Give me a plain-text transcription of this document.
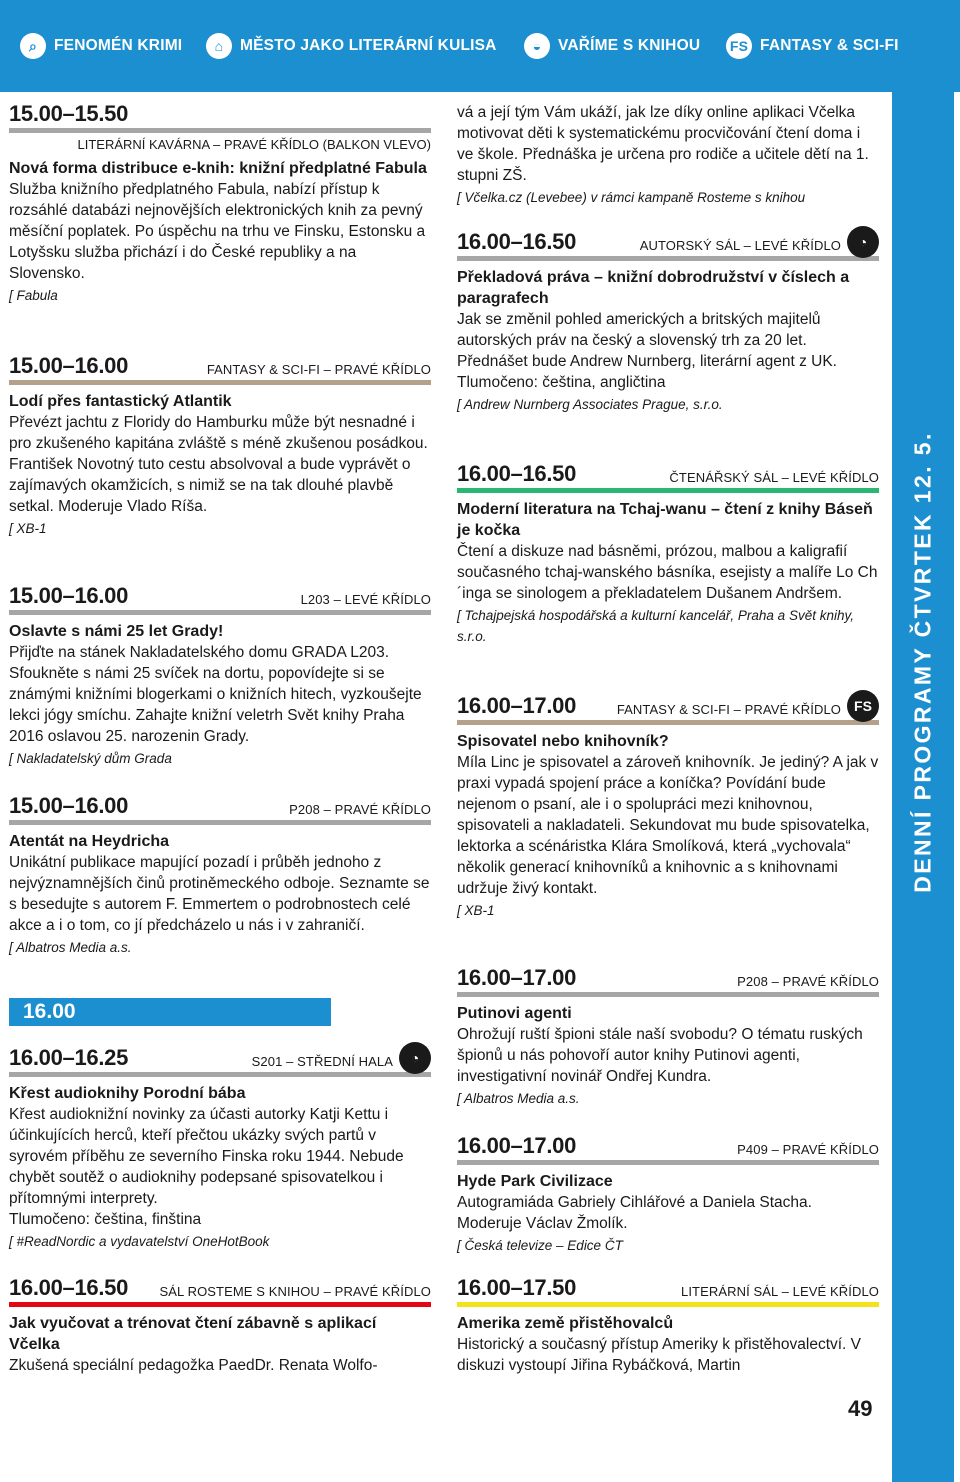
⌕	FENOMÉN KRIMI	⌂	MĚSTO JAKO LITERÁRNÍ KULISA	◒	VAŘÍME S KNIHOU FS FANTASY & SCI-FI
DENNÍ PROGRAMY ČTVRTEK 12. 5.
15.00–15.50
LITERÁRNÍ KAVÁRNA – PRAVÉ KŘÍDLO (BALKON VLEVO)
Nová forma distribuce e-knih: knižní předplatné Fabula
Služba knižního předplatného Fabula, nabízí přístup k rozsáhlé databázi nejnovějších elektronických knih za pevný měsíční poplatek. Po úspěchu na trhu ve Finsku, Estonsku a Lotyšsku služba přichází i do České republiky a na Slovensko.
[ Fabula
15.00–16.00	FANTASY & SCI-FI – PRAVÉ KŘÍDLO
Lodí přes fantastický Atlantik
Převézt jachtu z Floridy do Hamburku může být nesnadné i pro zkušeného kapitána zvláště s méně zkušenou posádkou. František Novotný tuto cestu absolvoval a bude vyprávět o zajímavých okamžicích, s nimiž se na tak dlouhé plavbě setkal. Moderuje Vlado Ríša.
[ XB-1
15.00–16.00	L203 – LEVÉ KŘÍDLO
Oslavte s námi 25 let Grady!
Přijďte na stánek Nakladatelského domu GRADA L203. Sfoukněte s námi 25 svíček na dortu, popovídejte si se známými knižními blogerkami o knižních hitech, vyzkoušejte lekci jógy smíchu. Zahajte knižní veletrh Svět knihy Praha 2016 oslavou 25. narozenin Grady.
[ Nakladatelský dům Grada
15.00–16.00	P208 – PRAVÉ KŘÍDLO
Atentát na Heydricha
Unikátní publikace mapující pozadí i průběh jednoho z nejvýznamnějších činů protiněmeckého odboje. Seznamte se s besedujte s autorem F. Emmertem o podrobnostech celé akce a i o tom, co jí předcházelo u nás i v zahraničí.
[ Albatros Media a.s.
16.00
16.00–16.25	S201 – STŘEDNÍ HALA	◔
Křest audioknihy Porodní bába
Křest audioknižní novinky za účasti autorky Katji Kettu i účinkujících herců, kteří přečtou ukázky svých partů v syrovém příběhu ze severního Finska roku 1944. Nebude chybět soutěž o audioknihy podepsané spisovatelkou i přítomnými interprety.
Tlumočeno: čeština, finština
[ #ReadNordic a vydavatelství OneHotBook
16.00–16.50 SÁL ROSTEME S KNIHOU – PRAVÉ KŘÍDLO
Jak vyučovat a trénovat čtení zábavně s aplikací Včelka
Zkušená speciální pedagožka PaedDr. Renata Wolfo-
vá a její tým Vám ukáží, jak lze díky online aplikaci Včelka motivovat děti k systematickému procvičování čtení doma i ve škole. Přednáška je určena pro rodiče a učitele dětí na 1. stupni ZŠ.
[ Včelka.cz (Levebee) v rámci kampaně Rosteme s knihou
16.00–16.50	AUTORSKÝ SÁL – LEVÉ KŘÍDLO	◔
Překladová práva – knižní dobrodružství v číslech a paragrafech
Jak se změnil pohled amerických a britských majitelů autorských práv na český a slovenský trh za 20 let. Přednášet bude Andrew Nurnberg, literární agent z UK.
Tlumočeno: čeština, angličtina
[ Andrew Nurnberg Associates Prague, s.r.o.
16.00–16.50	ČTENÁŘSKÝ SÁL – LEVÉ KŘÍDLO
Moderní literatura na Tchaj-wanu – čtení z knihy Báseň je kočka
Čtení a diskuze nad básněmi, prózou, malbou a kaligrafií současného tchaj-wanského básníka, esejisty a malíře Lo Ch´inga se sinologem a překladatelem Dušanem Andršem.
[ Tchajpejská hospodářská a kulturní kancelář, Praha a Svět knihy, s.r.o.
16.00–17.00	FANTASY & SCI-FI – PRAVÉ KŘÍDLO FS
Spisovatel nebo knihovník?
Míla Linc je spisovatel a zároveň knihovník. Je jediný? A jak v praxi vypadá spojení práce a koníčka? Povídání bude nejenom o psaní, ale i o spolupráci mezi knihovnou, spisovateli a nakladateli. Sekundovat mu bude spisovatelka, lektorka a scénáristka Klára Smolíková, která „vychovala“ několik generací knihovníků a knihovnic a s knihovnami udržuje živý kontakt.
[ XB-1
16.00–17.00	P208 – PRAVÉ KŘÍDLO
Putinovi agenti
Ohrožují ruští špioni stále naší svobodu? O tématu ruských špionů u nás pohovoří autor knihy Putinovi agenti, investigativní novinář Ondřej Kundra.
[ Albatros Media a.s.
16.00–17.00	P409 – PRAVÉ KŘÍDLO
Hyde Park Civilizace
Autogramiáda Gabriely Cihlářové a Daniela Stacha. Moderuje Václav Žmolík.
[ Česká televize – Edice ČT
16.00–17.50	LITERÁRNÍ SÁL – LEVÉ KŘÍDLO
Amerika země přistěhovalců
Historický a současný přístup Ameriky k přistěhovalectví. V diskuzi vystoupí Jiřina Rybáčková, Martin
49
